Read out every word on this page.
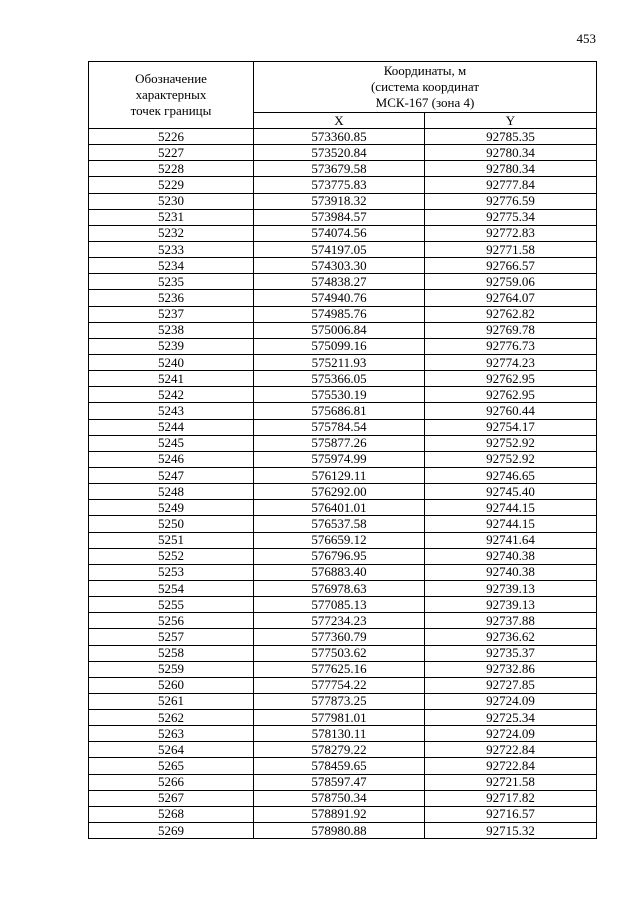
453
Обозначение
характерных
точек границы	Координаты, м
(система координат
МСК-167 (зона 4)	

	X	Y
5226	573360.85	92785.35
5227	573520.84	92780.34
5228	573679.58	92780.34
5229	573775.83	92777.84
5230	573918.32	92776.59
5231	573984.57	92775.34
5232	574074.56	92772.83
5233	574197.05	92771.58
5234	574303.30	92766.57
5235	574838.27	92759.06
5236	574940.76	92764.07
5237	574985.76	92762.82
5238	575006.84	92769.78
5239	575099.16	92776.73
5240	575211.93	92774.23
5241	575366.05	92762.95
5242	575530.19	92762.95
5243	575686.81	92760.44
5244	575784.54	92754.17
5245	575877.26	92752.92
5246	575974.99	92752.92
5247	576129.11	92746.65
5248	576292.00	92745.40
5249	576401.01	92744.15
5250	576537.58	92744.15
5251	576659.12	92741.64
5252	576796.95	92740.38
5253	576883.40	92740.38
5254	576978.63	92739.13
5255	577085.13	92739.13
5256	577234.23	92737.88
5257	577360.79	92736.62
5258	577503.62	92735.37
5259	577625.16	92732.86
5260	577754.22	92727.85
5261	577873.25	92724.09
5262	577981.01	92725.34
5263	578130.11	92724.09
5264	578279.22	92722.84
5265	578459.65	92722.84
5266	578597.47	92721.58
5267	578750.34	92717.82
5268	578891.92	92716.57
5269	578980.88	92715.32
